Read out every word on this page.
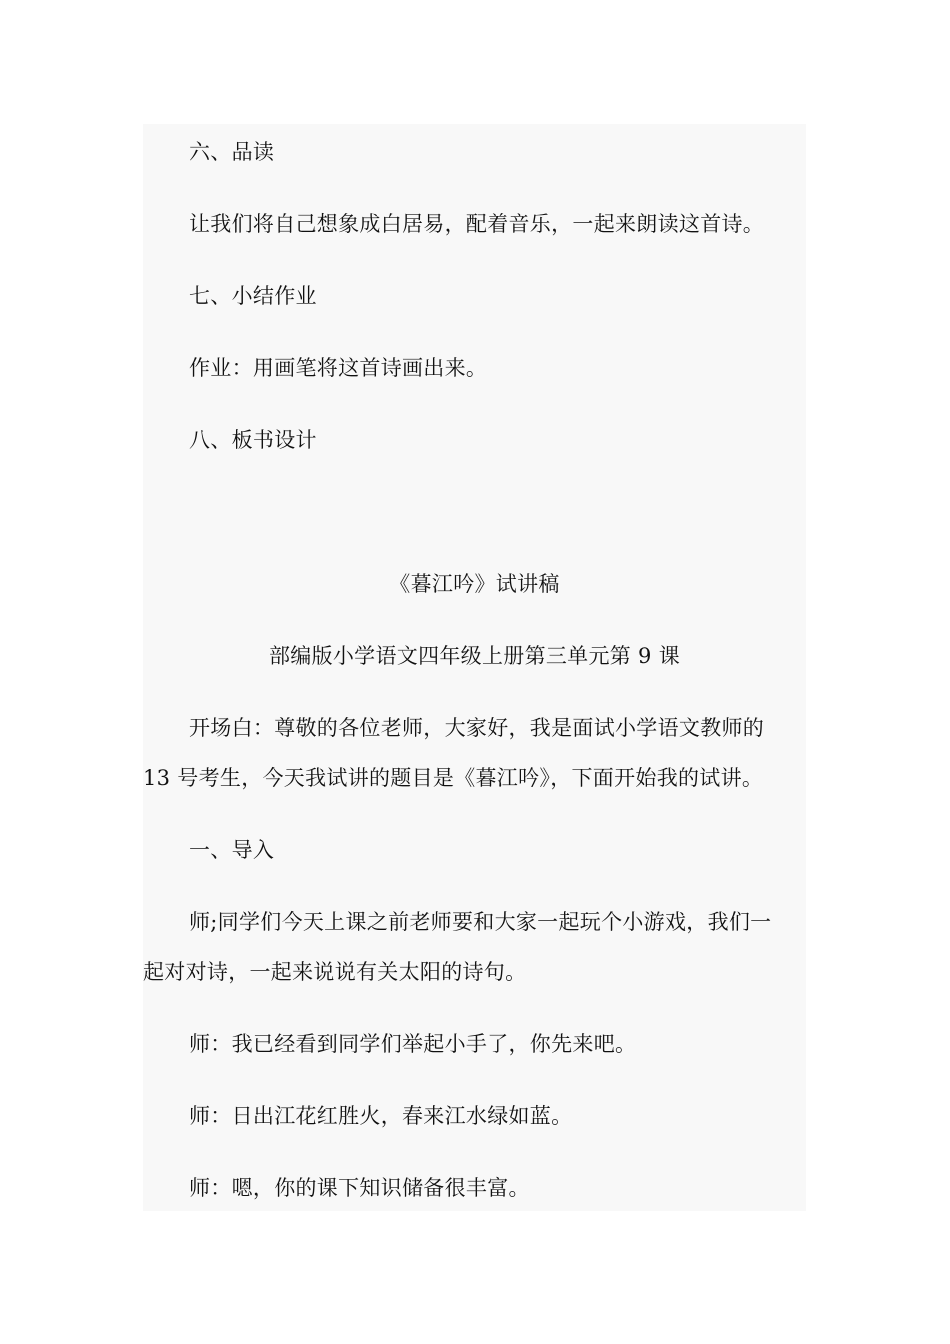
六、品读
让我们将自己想象成白居易，配着音乐，一起来朗读这首诗。
七、小结作业
作业：用画笔将这首诗画出来。
八、板书设计
《暮江吟》试讲稿
部编版小学语文四年级上册第三单元第 9 课
开场白：尊敬的各位老师，大家好，我是面试小学语文教师的
13 号考生，今天我试讲的题目是《暮江吟》，下面开始我的试讲。
一、导入
师;同学们今天上课之前老师要和大家一起玩个小游戏，我们一
起对对诗，一起来说说有关太阳的诗句。
师：我已经看到同学们举起小手了，你先来吧。
师：日出江花红胜火，春来江水绿如蓝。
师：嗯，你的课下知识储备很丰富。
